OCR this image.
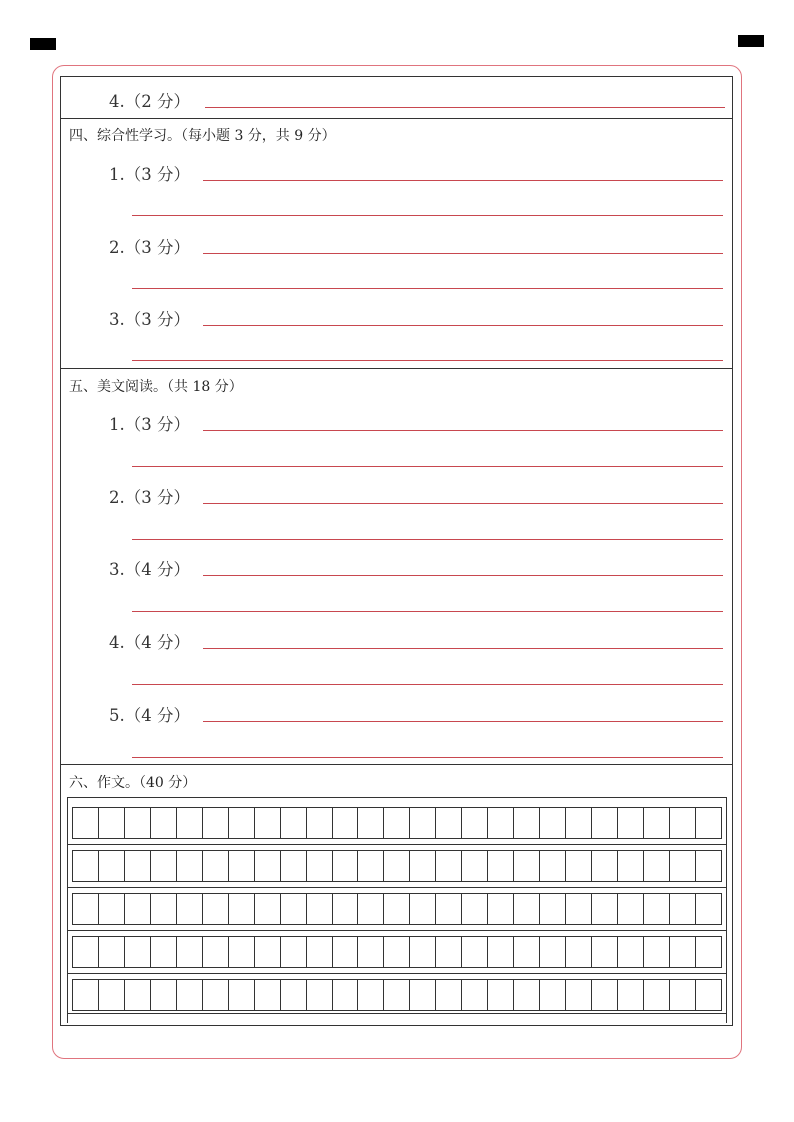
4.（2 分）
四、综合性学习。（每小题 3 分，共 9 分）
1.（3 分）
2.（3 分）
3.（3 分）
五、美文阅读。（共 18 分）
1.（3 分）
2.（3 分）
3.（4 分）
4.（4 分）
5.（4 分）
六、作文。（40 分）
